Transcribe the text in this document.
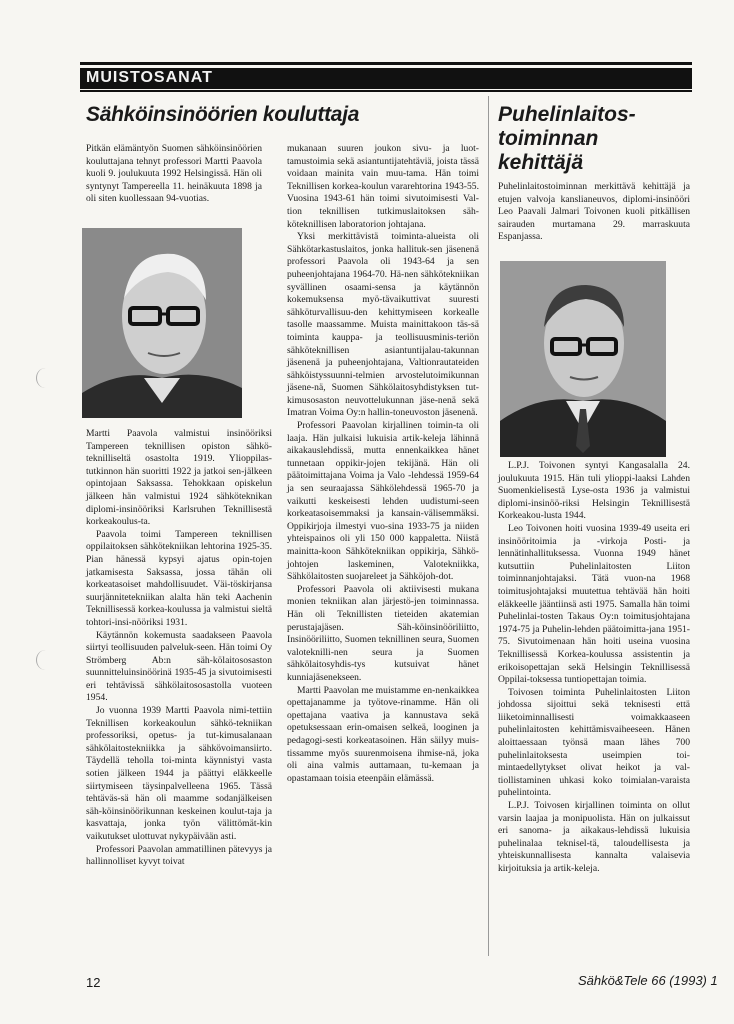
MUISTOSANAT
Sähköinsinöörien kouluttaja

Pitkän elämäntyön Suomen sähköinsinöörien kouluttajana tehnyt professori Martti Paavola kuoli 9. joulukuuta 1992 Helsingissä. Hän oli syntynyt Tampereella 11. heinäkuuta 1898 ja oli siten kuollessaan 94-vuotias.

Martti Paavola valmistui insinööriksi Tampereen teknillisen opiston sähkö-teknilliseltä osastolta 1919. Ylioppilas-tutkinnon hän suoritti 1922 ja jatkoi sen-jälkeen opintojaan Saksassa. Tehokkaan opiskelun jälkeen hän valmistui 1924 sähköteknikan diplomi-insinööriksi Karlsruhen Teknillisestä korkeakoulus-ta.

Paavola toimi Tampereen teknillisen oppilaitoksen sähkötekniikan lehtorina 1925-35. Pian hänessä kypsyi ajatus opin-tojen jatkamisesta Saksassa, jossa tähän oli korkeatasoiset mahdollisuudet. Väi-töskirjansa suurjännitetekniikan alalta hän teki Aachenin Teknillisessä korkea-koulussa ja valmistui sieltä tohtori-insi-nööriksi 1931.

Käytännön kokemusta saadakseen Paavola siirtyi teollisuuden palveluk-seen. Hän toimi Oy Strömberg Ab:n säh-kölaitososaston suunnitteluinsinöörinä 1935-45 ja sivutoimisesti eri tehtävissä sähkölaitososastolla vuoteen 1954.

Jo vuonna 1939 Martti Paavola nimi-tettiin Teknillisen korkeakoulun sähkö-tekniikan professoriksi, opetus- ja tut-kimusalanaan sähkölaitostekniikka ja sähkövoimansiirto. Täydellä teholla toi-minta käynnistyi vasta sotien jälkeen 1944 ja päättyi eläkkeelle siirtymiseen täysinpalvelleena 1965. Tässä tehtäväs-sä hän oli maamme sodanjälkeisen säh-köinsinöörikunnan keskeinen koulut-taja ja kasvattaja, jonka työn välittömät-kin vaikutukset ulottuvat nykypäivään asti.

Professori Paavolan ammatillinen pätevyys ja hallinnolliset kyvyt toivat

mukanaan suuren joukon sivu- ja luot-tamustoimia sekä asiantuntijatehtäviä, joista tässä voidaan mainita vain muu-tama. Hän toimi Teknillisen korkea-koulun vararehtorina 1943-55. Vuosina 1943-61 hän toimi sivutoimisesti Val-tion teknillisen tutkimuslaitoksen säh-köteknillisen laboratorion johtajana.

Yksi merkittävistä toiminta-alueista oli Sähkötarkastuslaitos, jonka hallituk-sen jäsenenä professori Paavola oli 1943-64 ja sen puheenjohtajana 1964-70. Hä-nen sähkötekniikan syvällinen osaami-sensa ja käytännön kokemuksensa myö-tävaikuttivat suuresti sähköturvallisuu-den kehittymiseen korkealle tasolle maassamme. Muista mainittakoon täs-sä toiminta kauppa- ja teollisuusminis-teriön sähköteknillisen asiantuntijalau-takunnan jäsenenä ja puheenjohtajana, Valtionrautateiden sähköistyssuunni-telmien arvostelutoimikunnan jäsene-nä, Suomen Sähkölaitosyhdistyksen tut-kimusosaston neuvottelukunnan jäse-nenä sekä Imatran Voima Oy:n hallin-toneuvoston jäsenenä.

Professori Paavolan kirjallinen toimin-ta oli laaja. Hän julkaisi lukuisia artik-keleja lähinnä aikakauslehdissä, mutta ennenkaikkea hänet tunnetaan oppikir-jojen tekijänä. Hän oli päätoimittajana Voima ja Valo -lehdessä 1959-64 ja sen seuraajassa Sähkölehdessä 1965-70 ja vaikutti keskeisesti lehden uudistumi-seen korkeatasoisemmaksi ja kansain-välisemmäksi. Oppikirjoja ilmestyi vuo-sina 1933-75 ja niiden yhteispainos oli yli 150 000 kappaletta. Niistä mainitta-koon Sähkötekniikan oppikirja, Sähkö-johtojen laskeminen, Valotekniikka, Sähkölaitosten suojareleet ja Sähköjoh-dot.

Professori Paavola oli aktiivisesti mukana monien tekniikan alan järjestö-jen toiminnassa. Hän oli Teknillisten tieteiden akatemian perustajajäsen. Säh-köinsinööriliitto, Insinööriliitto, Suomen teknillinen seura, Suomen valoteknilli-nen seura ja Suomen sähkölaitosyhdis-tys kutsuivat hänet kunniajäsenekseen.

Martti Paavolan me muistamme en-nenkaikkea opettajanamme ja työtove-rinamme. Hän oli opettajana vaativa ja kannustava sekä opetuksessaan erin-omaisen selkeä, looginen ja pedagogi-sesti korkeatasoinen. Hän säilyy muis-tissamme myös suurenmoisena ihmise-nä, joka oli aina valmis auttamaan, tu-kemaan ja opastamaan toisia eteenpäin elämässä.

Puhelinlaitos-toiminnan kehittäjä

Puhelinlaitostoiminnan merkittävä kehittäjä ja etujen valvoja kanslianeuvos, diplomi-insinööri Leo Paavali Jalmari Toivonen kuoli pitkällisen sairauden murtamana 29. marraskuuta Espanjassa.

L.P.J. Toivonen syntyi Kangasalalla 24. joulukuuta 1915. Hän tuli ylioppi-laaksi Lahden Suomenkielisestä Lyse-osta 1936 ja valmistui diplomi-insinöö-riksi Helsingin Teknillisestä Korkeakou-lusta 1944.

Leo Toivonen hoiti vuosina 1939-49 useita eri insinööritoimia ja -virkoja Posti- ja lennätinhallituksessa. Vuonna 1949 hänet kutsuttiin Puhelinlaitosten Liiton toiminnanjohtajaksi. Tätä vuon-na 1968 toimitusjohtajaksi muutettua tehtävää hän hoiti eläkkeelle jääntiinsä asti 1975. Samalla hän toimi Puhelinlai-tosten Takaus Oy:n toimitusjohtajana 1974-75 ja Puhelin-lehden päätoimitta-jana 1951-75. Sivutoimenaan hän hoiti useina vuosina Teknillisessä Korkea-koulussa assistentin ja erikoisopettajan sekä Helsingin Teknillisessä Oppilai-toksessa tuntiopettajan toimia.

Toivosen toiminta Puhelinlaitosten Liiton johdossa sijoittui sekä teknisesti että liiketoiminnallisesti voimakkaaseen puhelinlaitosten kehittämisvaiheeseen. Hänen aloittaessaan työnsä maan lähes 700 puhelinlaitoksesta useimpien toi-mintaedellytykset olivat heikot ja val-tiollistaminen uhkasi koko toimialan-varaista puhelintointa.

L.P.J. Toivosen kirjallinen toiminta on ollut varsin laajaa ja monipuolista. Hän on julkaissut eri sanoma- ja aikakaus-lehdissä lukuisia puhelinalaa teknisel-tä, taloudellisesta ja yhteiskunnallisesta kannalta valaisevia kirjoituksia ja artik-keleja.

12	Sähkö&Tele 66 (1993) 1
